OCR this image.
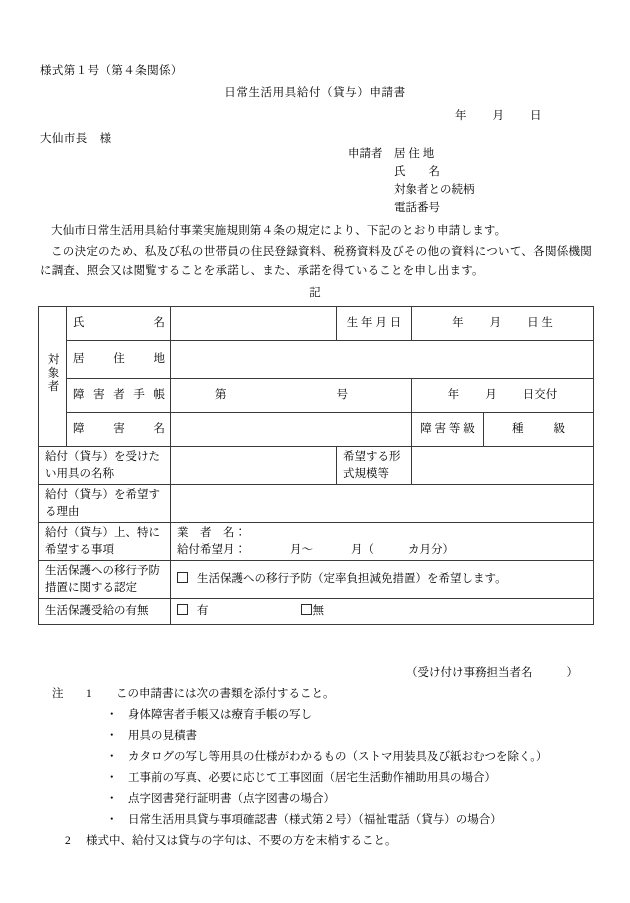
様式第１号（第４条関係）
日常生活用具給付（貸与）申請書
年 月 日
大仙市長 様
申請者 居 住 地
氏　　名
対象者との続柄
電話番号
大仙市日常生活用具給付事業実施規則第４条の規定により、下記のとおり申請します。
この決定のため、私及び私の世帯員の住民登録資料、税務資料及びその他の資料について、各関係機関に調査、照会又は閲覧することを承諾し、また、承諾を得ていることを申し出ます。
記
対象者	氏　名		生 年 月 日	年 月 日 生	
	居　住　地				
	障 害 者 手 帳	第 号		年 月 日交付	
	障　害　名			障 害 等 級	種 級
給付（貸与）を受けたい用具の名称			希望する形式規模等		
給付（貸与）を希望する理由					
給付（貸与）上、特に希望する事項		業　者　名：
給付希望月： 月～ 月（ カ月分）			

生活保護への移行予防措置に関する認定		生活保護への移行予防（定率負担減免措置）を希望します。			
生活保護受給の有無		有 無			
（受け付け事務担当者名	）
注 1 この申請書には次の書類を添付すること。
・ 身体障害者手帳又は療育手帳の写し
・ 用具の見積書
・ カタログの写し等用具の仕様がわかるもの（ストマ用装具及び紙おむつを除く。）
・ 工事前の写真、必要に応じて工事図面（居宅生活動作補助用具の場合）
・ 点字図書発行証明書（点字図書の場合）
・ 日常生活用具貸与事項確認書（様式第２号）（福祉電話（貸与）の場合）
2 様式中、給付又は貸与の字句は、不要の方を末梢すること。
